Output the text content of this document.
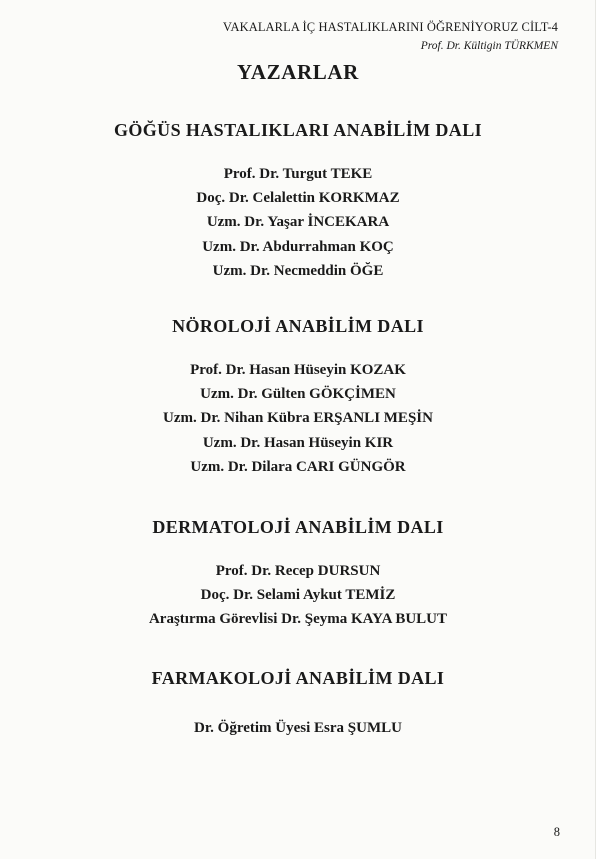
VAKALARLA İÇ HASTALIKLARINI ÖĞRENİYORUZ CİLT-4
Prof. Dr. Kültigin TÜRKMEN
YAZARLAR
GÖĞÜS HASTALIKLARI ANABİLİM DALI
Prof. Dr. Turgut TEKE
Doç. Dr. Celalettin KORKMAZ
Uzm. Dr. Yaşar İNCEKARA
Uzm. Dr. Abdurrahman KOÇ
Uzm. Dr. Necmeddin ÖĞE
NÖROLOJİ ANABİLİM DALI
Prof. Dr. Hasan Hüseyin KOZAK
Uzm. Dr. Gülten GÖKÇİMEN
Uzm. Dr. Nihan Kübra ERŞANLI MEŞİN
Uzm. Dr. Hasan Hüseyin KIR
Uzm. Dr. Dilara CARI GÜNGÖR
DERMATOLOJİ ANABİLİM DALI
Prof. Dr. Recep DURSUN
Doç. Dr. Selami Aykut TEMİZ
Araştırma Görevlisi Dr. Şeyma KAYA BULUT
FARMAKOLOJİ ANABİLİM DALI
Dr. Öğretim Üyesi Esra ŞUMLU
8
